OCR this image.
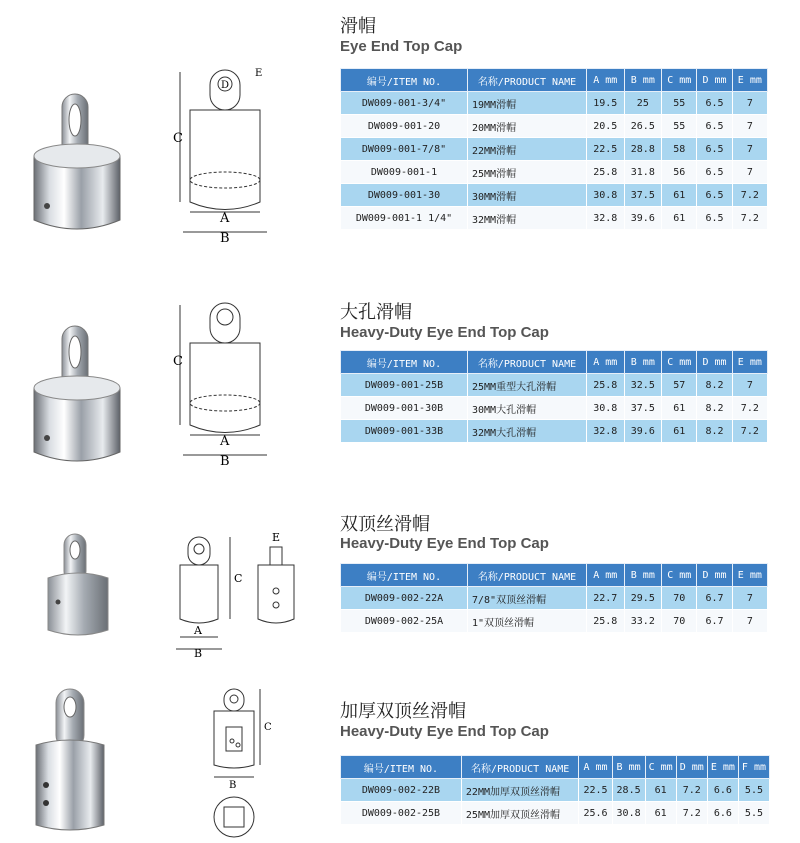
C
A
B
D
E
滑帽
Eye End Top Cap
编号/ITEM NO.	名称/PRODUCT NAME	A mm	B mm	C mm	D mm	E mm
DW009-001-3/4"	19MM滑帽	19.5	25	55	6.5	7
DW009-001-20	20MM滑帽	20.5	26.5	55	6.5	7
DW009-001-7/8"	22MM滑帽	22.5	28.8	58	6.5	7
DW009-001-1	25MM滑帽	25.8	31.8	56	6.5	7
DW009-001-30	30MM滑帽	30.8	37.5	61	6.5	7.2
DW009-001-1 1/4"	32MM滑帽	32.8	39.6	61	6.5	7.2
C
A
B
大孔滑帽
Heavy-Duty Eye End Top Cap
编号/ITEM NO.	名称/PRODUCT NAME	A mm	B mm	C mm	D mm	E mm
DW009-001-25B	25MM重型大孔滑帽	25.8	32.5	57	8.2	7
DW009-001-30B	30MM大孔滑帽	30.8	37.5	61	8.2	7.2
DW009-001-33B	32MM大孔滑帽	32.8	39.6	61	8.2	7.2
C
A
B
E
双顶丝滑帽
Heavy-Duty Eye End Top Cap
编号/ITEM NO.	名称/PRODUCT NAME	A mm	B mm	C mm	D mm	E mm
DW009-002-22A	7/8"双顶丝滑帽	22.7	29.5	70	6.7	7
DW009-002-25A	1"双顶丝滑帽	25.8	33.2	70	6.7	7
C
B
加厚双顶丝滑帽
Heavy-Duty Eye End Top Cap
编号/ITEM NO.	名称/PRODUCT NAME	A mm	B mm	C mm	D mm	E mm	F mm
DW009-002-22B	22MM加厚双顶丝滑帽	22.5	28.5	61	7.2	6.6	5.5
DW009-002-25B	25MM加厚双顶丝滑帽	25.6	30.8	61	7.2	6.6	5.5
